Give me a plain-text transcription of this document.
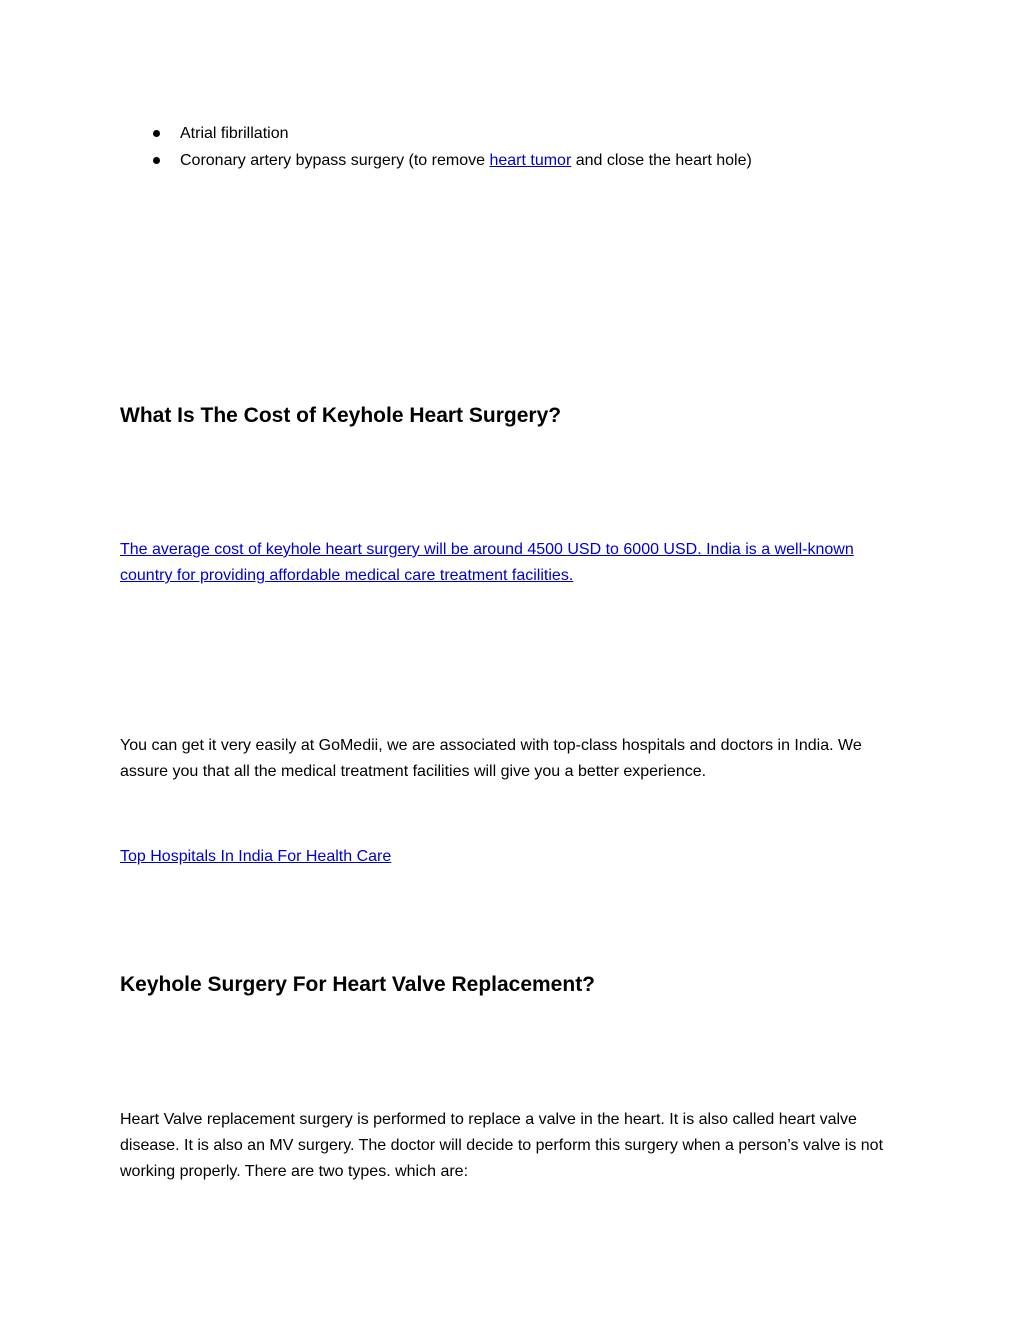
Atrial fibrillation
Coronary artery bypass surgery (to remove heart tumor and close the heart hole)
What Is The Cost of Keyhole Heart Surgery?

The average cost of keyhole heart surgery will be around 4500 USD to 6000 USD. India is a well-known country for providing affordable medical care treatment facilities.

You can get it very easily at GoMedii, we are associated with top-class hospitals and doctors in India. We assure you that all the medical treatment facilities will give you a better experience.

Top Hospitals In India For Health Care

Keyhole Surgery For Heart Valve Replacement?

Heart Valve replacement surgery is performed to replace a valve in the heart. It is also called heart valve disease. It is also an MV surgery. The doctor will decide to perform this surgery when a person’s valve is not working properly. There are two types. which are:
